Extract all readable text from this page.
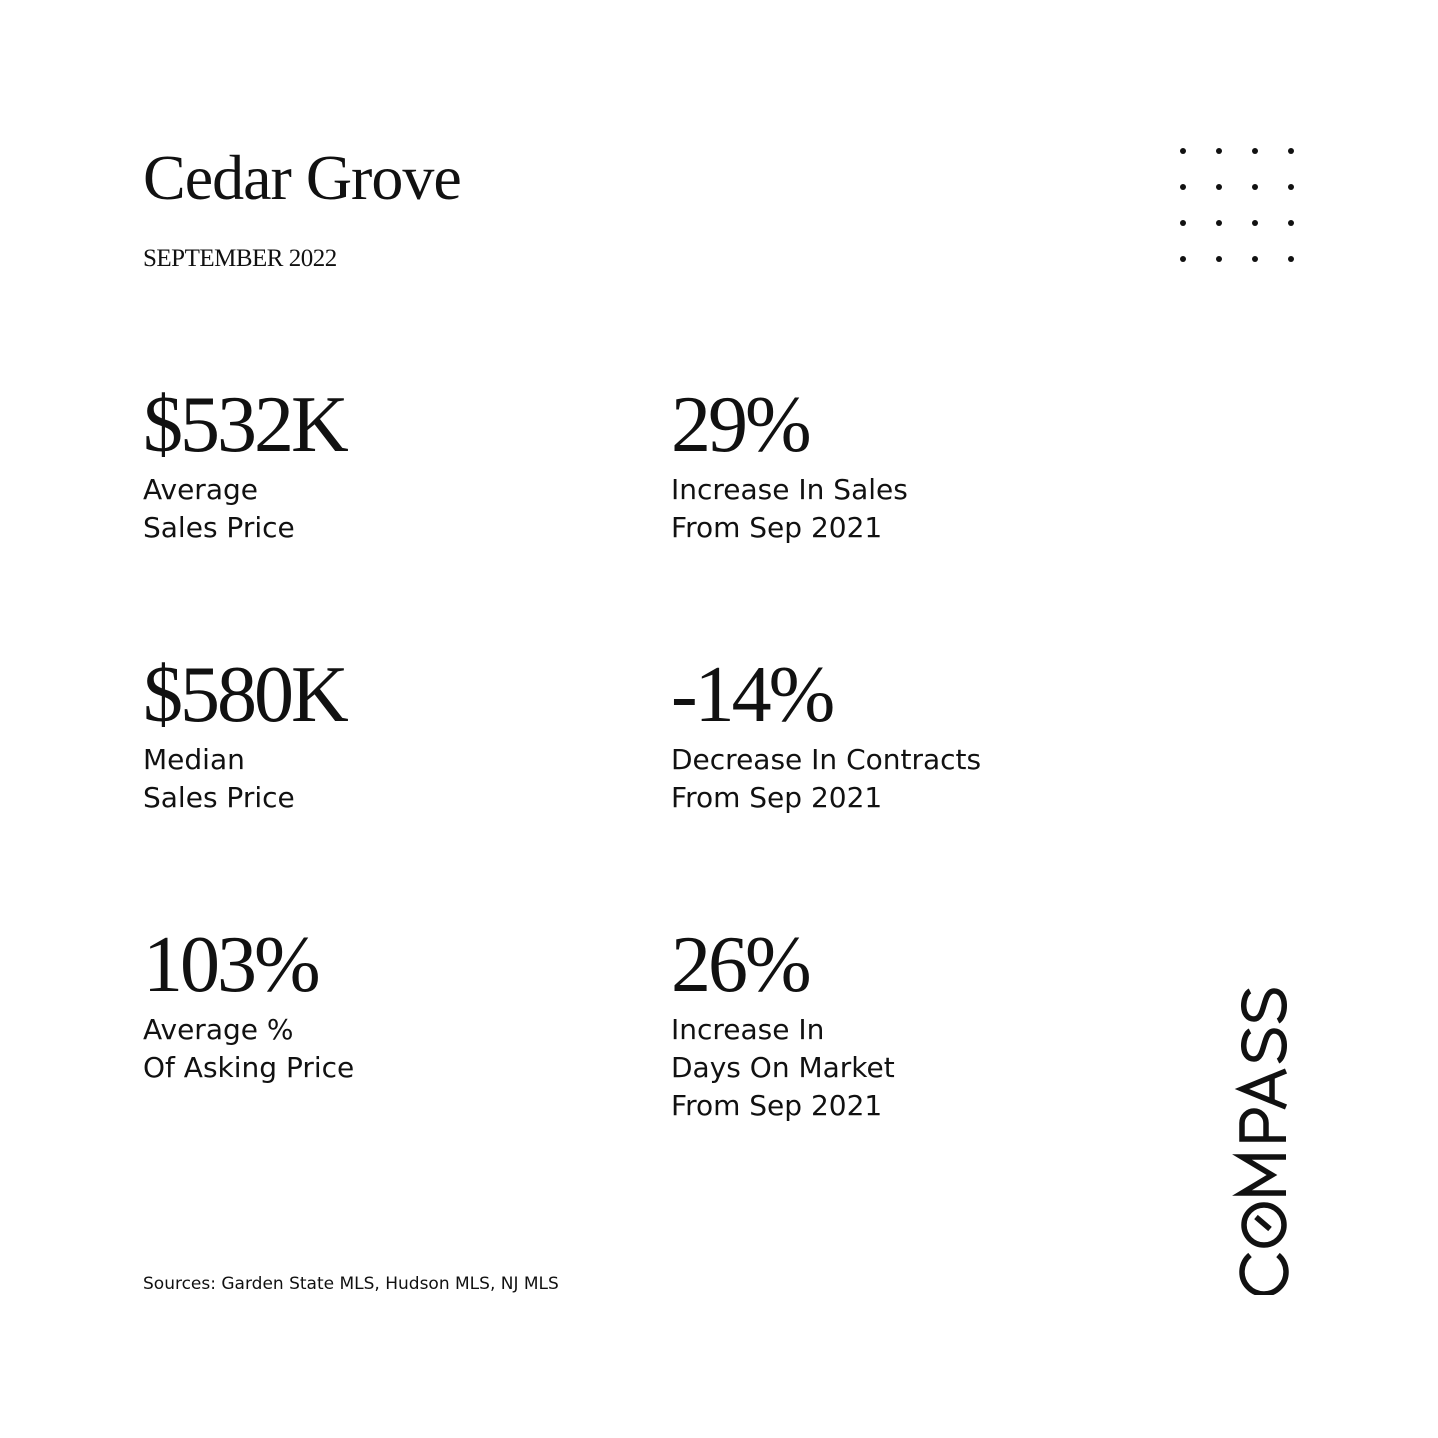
Cedar Grove
SEPTEMBER 2022
$532K
Average
Sales Price
29%
Increase In Sales
From Sep 2021
$580K
Median
Sales Price
-14%
Decrease In Contracts
From Sep 2021
103%
Average %
Of Asking Price
26%
Increase In
Days On Market
From Sep 2021
Sources: Garden State MLS, Hudson MLS, NJ MLS
